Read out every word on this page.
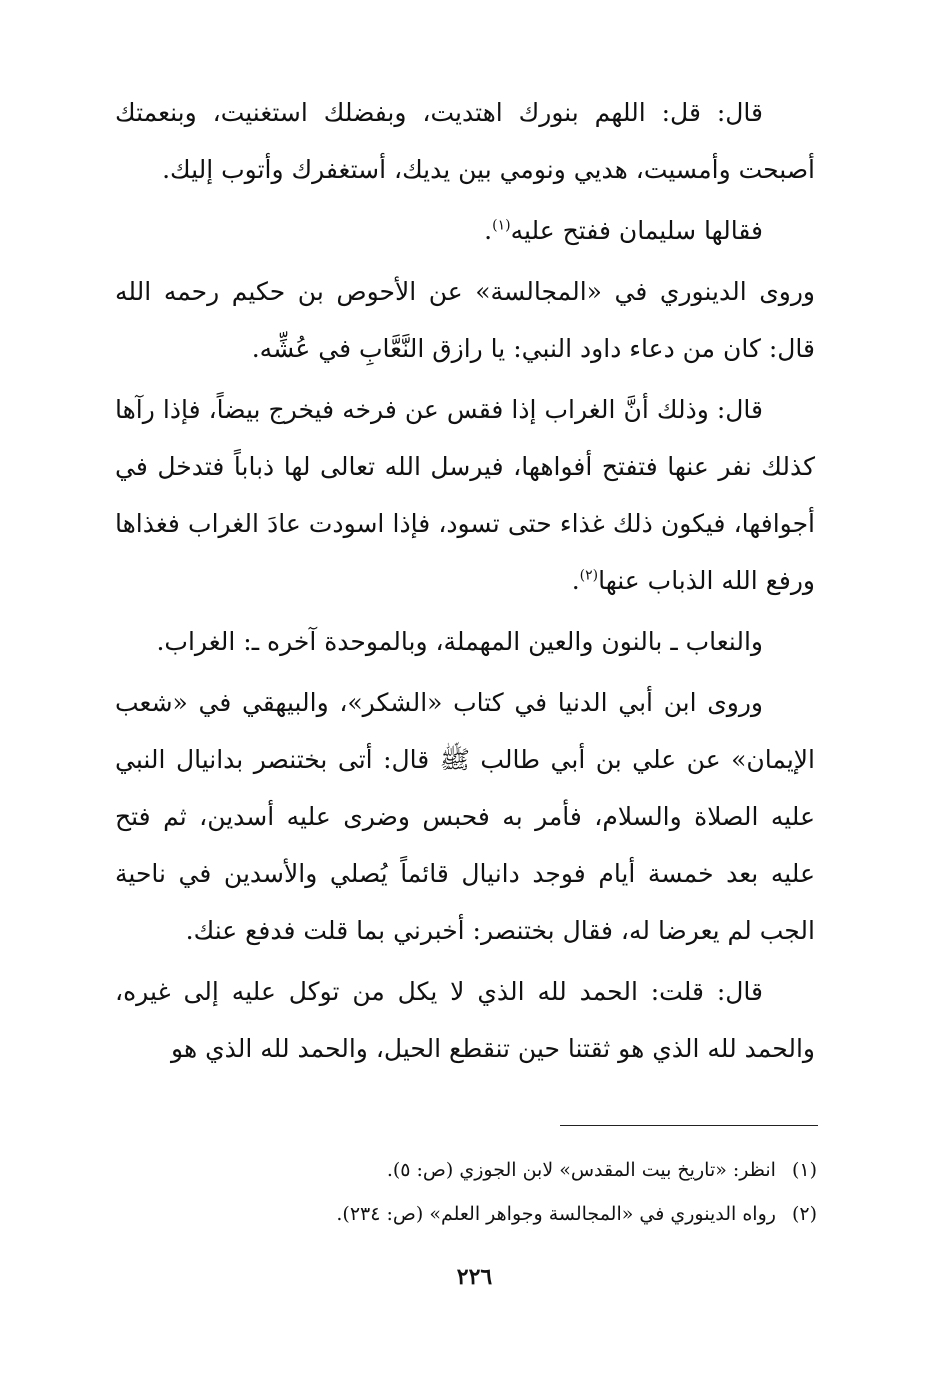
قال: قل: اللهم بنورك اهتديت، وبفضلك استغنيت، وبنعمتك أصبحت وأمسيت، هديي ونومي بين يديك، أستغفرك وأتوب إليك.

فقالها سليمان ففتح عليه$^{(١)}$.

وروى الدينوري في «المجالسة» عن الأحوص بن حكيم رحمه الله قال: كان من دعاء داود النبي: يا رازق النَّعَّابِ في عُشِّه.

قال: وذلك أنَّ الغراب إذا فقس عن فرخه فيخرج بيضاً، فإذا رآها كذلك نفر عنها فتفتح أفواهها، فيرسل الله تعالى لها ذباباً فتدخل في أجوافها، فيكون ذلك غذاء حتى تسود، فإذا اسودت عادَ الغراب فغذاها ورفع الله الذباب عنها$^{(٢)}$.

والنعاب ـ بالنون والعين المهملة، وبالموحدة آخره ـ: الغراب.

وروى ابن أبي الدنيا في كتاب «الشكر»، والبيهقي في «شعب الإيمان» عن علي بن أبي طالب ﷺ قال: أتى بختنصر بدانيال النبي عليه الصلاة والسلام، فأمر به فحبس وضرى عليه أسدين، ثم فتح عليه بعد خمسة أيام فوجد دانيال قائماً يُصلي والأسدين في ناحية الجب لم يعرضا له، فقال بختنصر: أخبرني بما قلت فدفع عنك.

قال: قلت: الحمد لله الذي لا يكل من توكل عليه إلى غيره، والحمد لله الذي هو ثقتنا حين تنقطع الحيل، والحمد لله الذي هو

(١)انظر: «تاريخ بيت المقدس» لابن الجوزي (ص: ٥).
(٢)رواه الدينوري في «المجالسة وجواهر العلم» (ص: ٢٣٤).
٢٢٦
